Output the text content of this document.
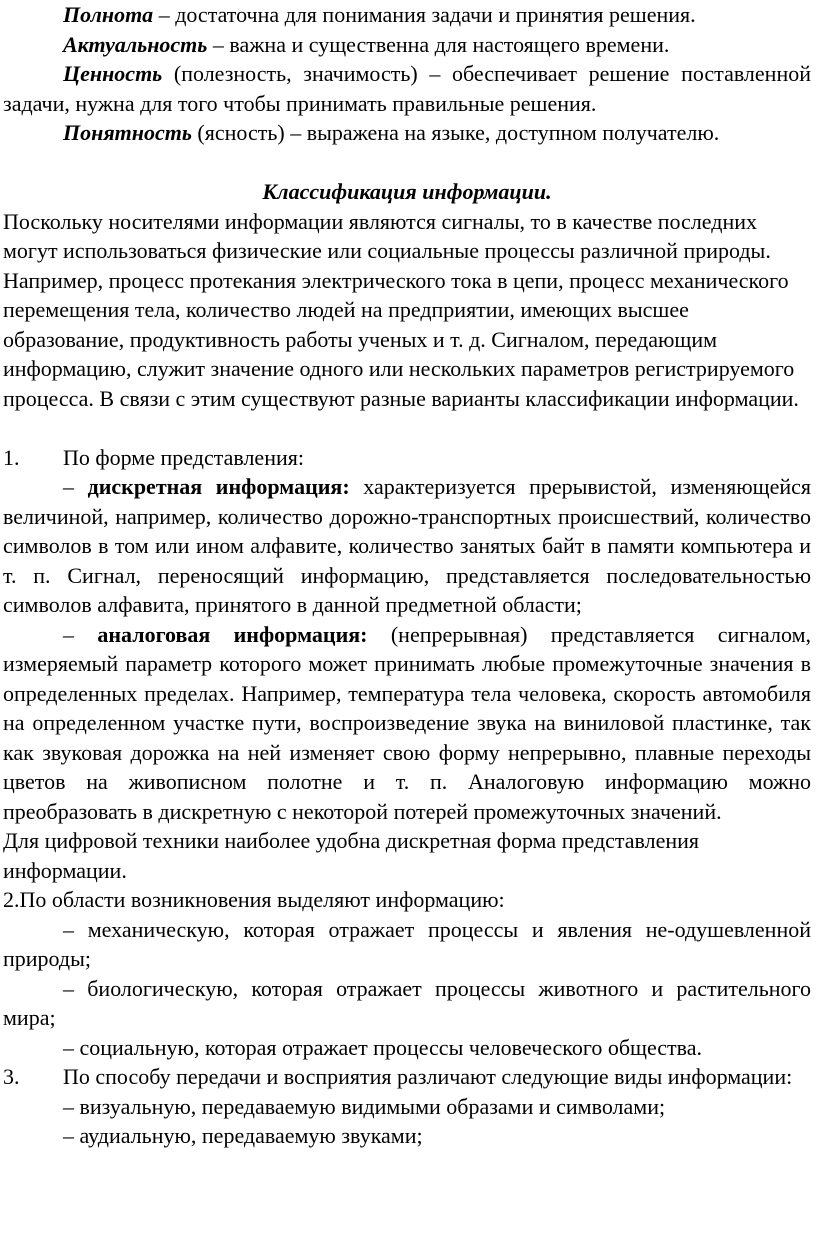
Полнота – достаточна для понимания задачи и принятия решения.

Актуальность – важна и существенна для настоящего времени.

Ценность (полезность, значимость) – обеспечивает решение поставленной задачи, нужна для того чтобы принимать правильные решения.

Понятность (ясность) – выражена на языке, доступном получателю.

Классификация информации.

Поскольку носителями информации являются сигналы, то в качестве последних могут использоваться физические или социальные процессы различной природы. Например, процесс протекания электрического тока в цепи, процесс механического перемещения тела, количество людей на предприятии, имеющих высшее образование, продуктивность работы ученых и т. д. Сигналом, передающим информацию, служит значение одного или нескольких параметров регистрируемого процесса. В связи с этим существуют разные варианты классификации информации.

1.	По форме представления:

– дискретная информация: характеризуется прерывистой, изменяющейся величиной, например, количество дорожно-транспортных происшествий, количество символов в том или ином алфавите, количество занятых байт в памяти компьютера и т. п. Сигнал, переносящий информацию, представляется последовательностью символов алфавита, принятого в данной предметной области;

– аналоговая информация: (непрерывная) представляется сигналом, измеряемый параметр которого может принимать любые промежуточные значения в определенных пределах. Например, температура тела человека, скорость автомобиля на определенном участке пути, воспроизведение звука на виниловой пластинке, так как звуковая дорожка на ней изменяет свою форму непрерывно, плавные переходы цветов на живописном полотне и т. п. Аналоговую информацию можно преобразовать в дискретную с некоторой потерей промежуточных значений.

Для цифровой техники наиболее удобна дискретная форма представления информации.

2.По области возникновения выделяют информацию:

– механическую, которая отражает процессы и явления не-одушевленной природы;

– биологическую, которая отражает процессы животного и растительного мира;

– социальную, которая отражает процессы человеческого общества.

3.	По способу передачи и восприятия различают следующие виды информации:

– визуальную, передаваемую видимыми образами и символами;

– аудиальную, передаваемую звуками;
